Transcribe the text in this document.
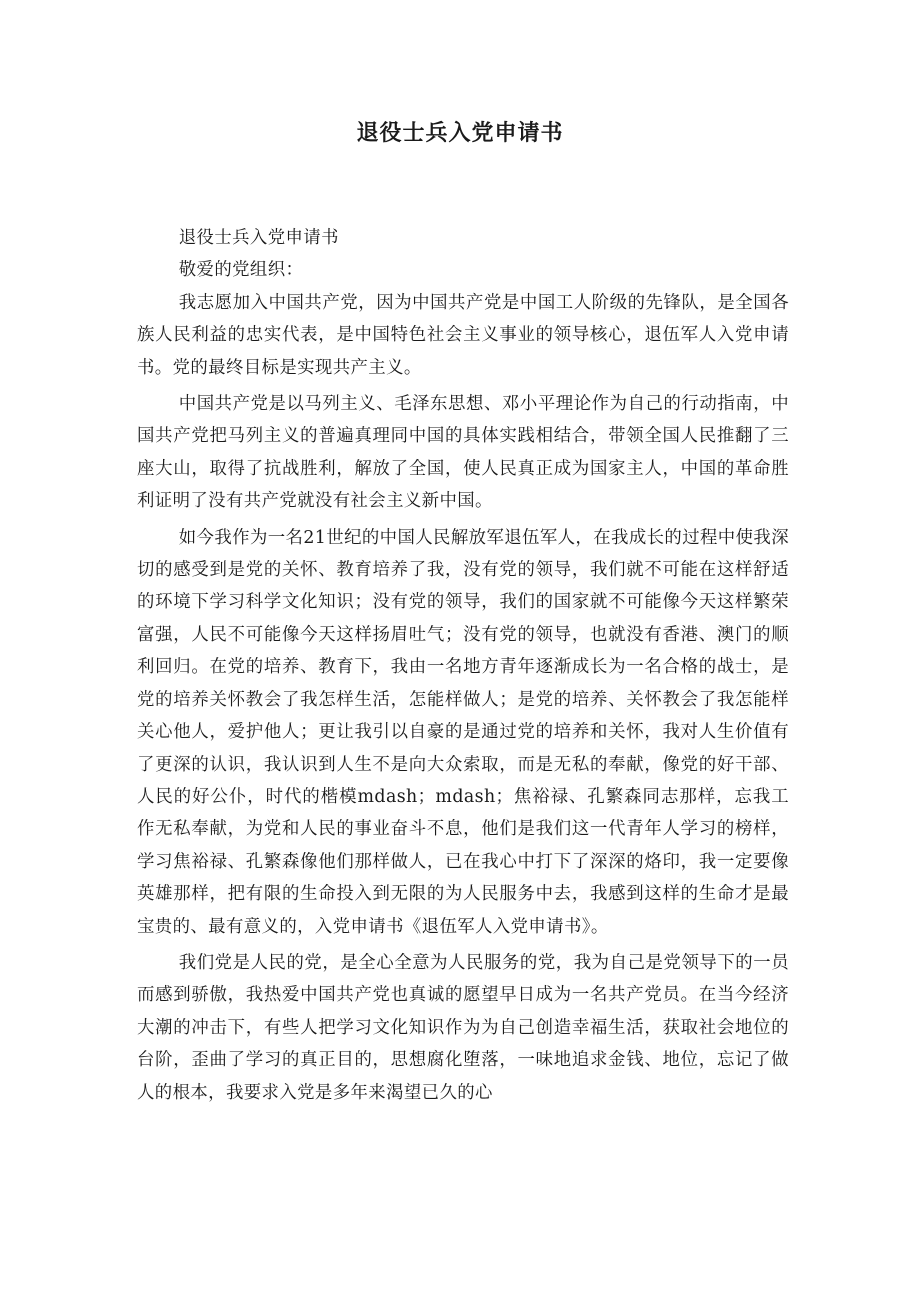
退役士兵入党申请书

退役士兵入党申请书

敬爱的党组织：

我志愿加入中国共产党，因为中国共产党是中国工人阶级的先锋队，是全国各族人民利益的忠实代表，是中国特色社会主义事业的领导核心，退伍军人入党申请书。党的最终目标是实现共产主义。

中国共产党是以马列主义、毛泽东思想、邓小平理论作为自己的行动指南，中国共产党把马列主义的普遍真理同中国的具体实践相结合，带领全国人民推翻了三座大山，取得了抗战胜利，解放了全国，使人民真正成为国家主人，中国的革命胜利证明了没有共产党就没有社会主义新中国。

如今我作为一名21世纪的中国人民解放军退伍军人，在我成长的过程中使我深切的感受到是党的关怀、教育培养了我，没有党的领导，我们就不可能在这样舒适的环境下学习科学文化知识；没有党的领导，我们的国家就不可能像今天这样繁荣富强，人民不可能像今天这样扬眉吐气；没有党的领导，也就没有香港、澳门的顺利回归。在党的培养、教育下，我由一名地方青年逐渐成长为一名合格的战士，是党的培养关怀教会了我怎样生活，怎能样做人；是党的培养、关怀教会了我怎能样关心他人，爱护他人；更让我引以自豪的是通过党的培养和关怀，我对人生价值有了更深的认识，我认识到人生不是向大众索取，而是无私的奉献，像党的好干部、人民的好公仆，时代的楷模mdash；mdash；焦裕禄、孔繁森同志那样，忘我工作无私奉献，为党和人民的事业奋斗不息，他们是我们这一代青年人学习的榜样，学习焦裕禄、孔繁森像他们那样做人，已在我心中打下了深深的烙印，我一定要像英雄那样，把有限的生命投入到无限的为人民服务中去，我感到这样的生命才是最宝贵的、最有意义的，入党申请书《退伍军人入党申请书》。

我们党是人民的党，是全心全意为人民服务的党，我为自己是党领导下的一员而感到骄傲，我热爱中国共产党也真诚的愿望早日成为一名共产党员。在当今经济大潮的冲击下，有些人把学习文化知识作为为自己创造幸福生活，获取社会地位的台阶，歪曲了学习的真正目的，思想腐化堕落，一味地追求金钱、地位，忘记了做人的根本，我要求入党是多年来渴望已久的心
